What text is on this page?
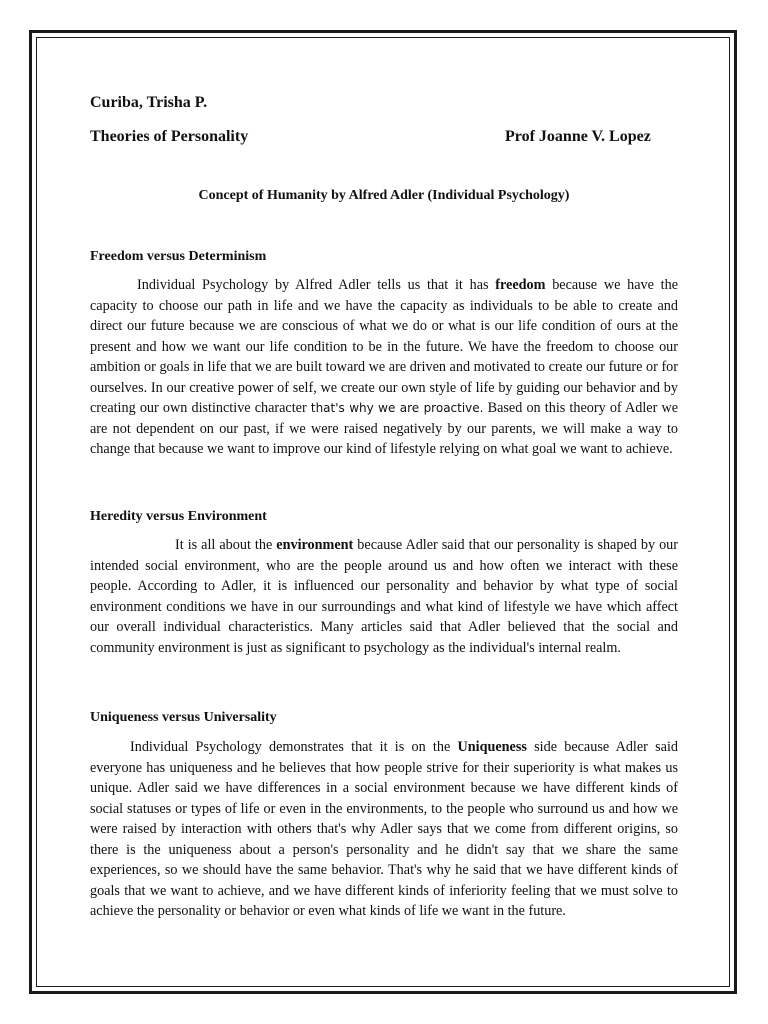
Curiba, Trisha P.

Theories of Personality	Prof Joanne V. Lopez

Concept of Humanity by Alfred Adler (Individual Psychology)

Freedom versus Determinism

Individual Psychology by Alfred Adler tells us that it has freedom because we have the capacity to choose our path in life and we have the capacity as individuals to be able to create and direct our future because we are conscious of what we do or what is our life condition of ours at the present and how we want our life condition to be in the future. We have the freedom to choose our ambition or goals in life that we are built toward we are driven and motivated to create our future or for ourselves. In our creative power of self, we create our own style of life by guiding our behavior and by creating our own distinctive character that's why we are proactive. Based on this theory of Adler we are not dependent on our past, if we were raised negatively by our parents, we will make a way to change that because we want to improve our kind of lifestyle relying on what goal we want to achieve.

Heredity versus Environment

It is all about the environment because Adler said that our personality is shaped by our intended social environment, who are the people around us and how often we interact with these people. According to Adler, it is influenced our personality and behavior by what type of social environment conditions we have in our surroundings and what kind of lifestyle we have which affect our overall individual characteristics. Many articles said that Adler believed that the social and community environment is just as significant to psychology as the individual's internal realm.

Uniqueness versus Universality

Individual Psychology demonstrates that it is on the Uniqueness side because Adler said everyone has uniqueness and he believes that how people strive for their superiority is what makes us unique. Adler said we have differences in a social environment because we have different kinds of social statuses or types of life or even in the environments, to the people who surround us and how we were raised by interaction with others that's why Adler says that we come from different origins, so there is the uniqueness about a person's personality and he didn't say that we share the same experiences, so we should have the same behavior. That's why he said that we have different kinds of goals that we want to achieve, and we have different kinds of inferiority feeling that we must solve to achieve the personality or behavior or even what kinds of life we want in the future.
